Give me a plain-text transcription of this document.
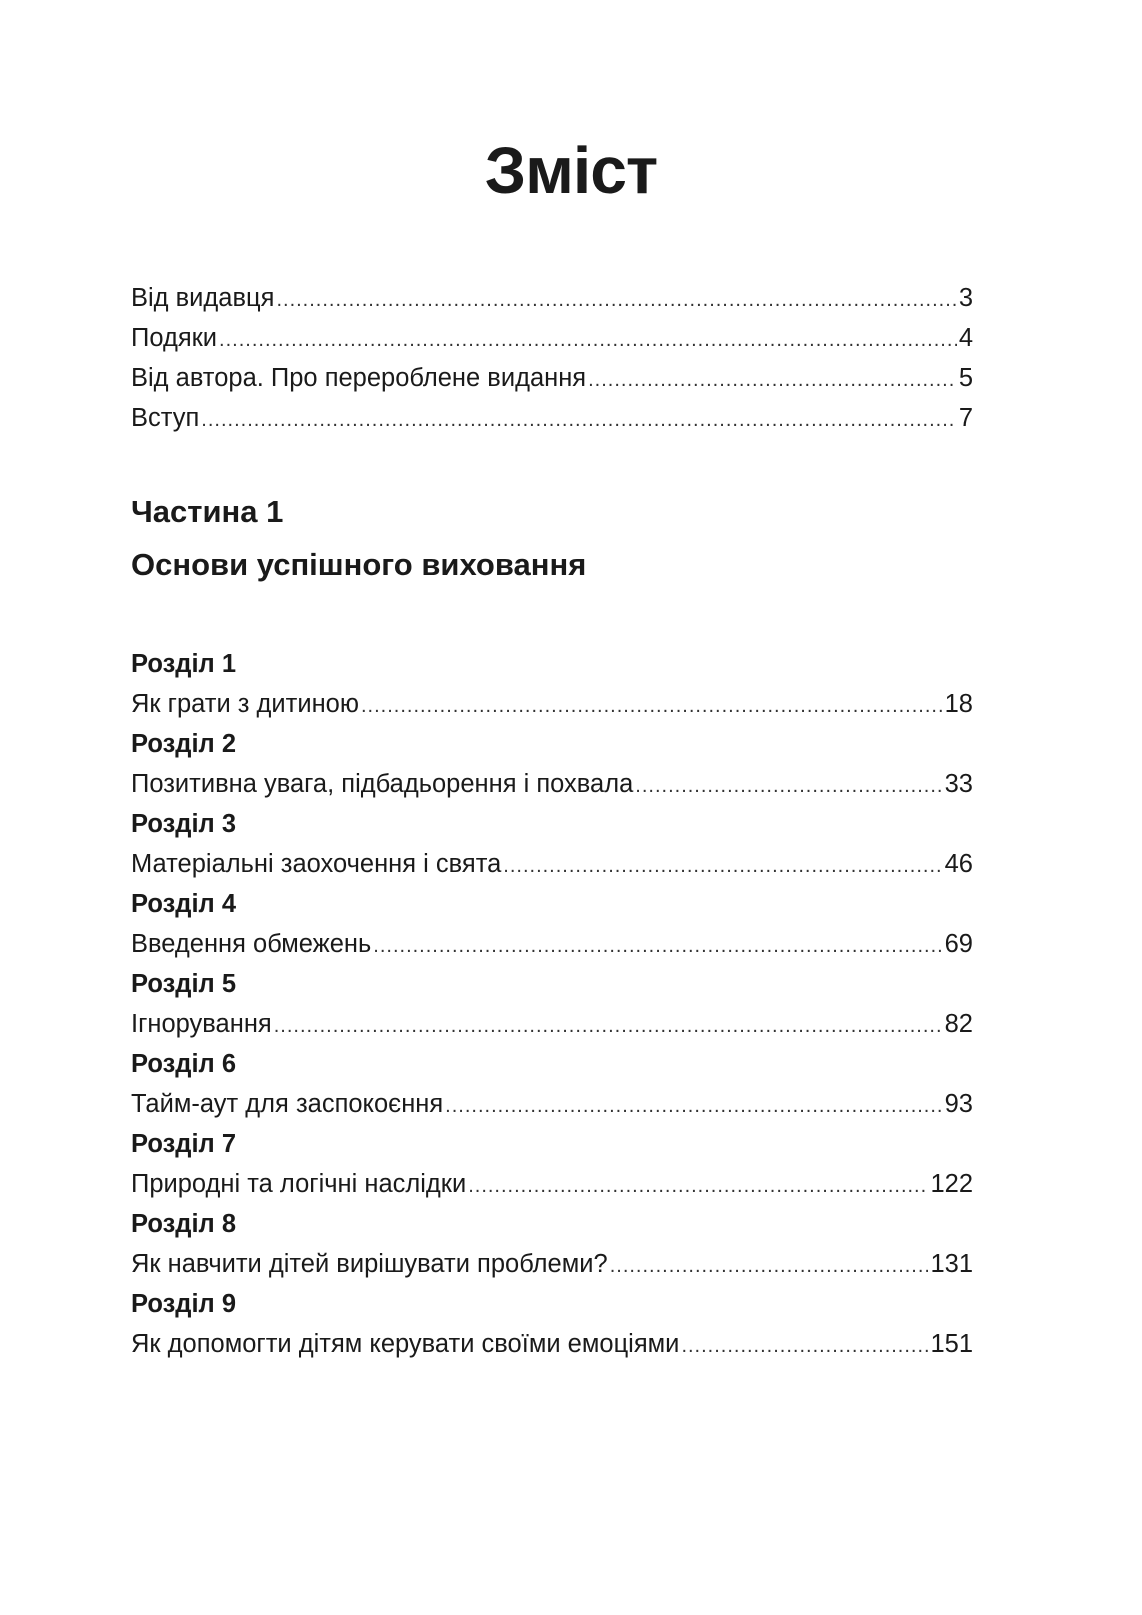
Зміст
Від видавця .....	3
Подяки .....	4
Від автора. Про перероблене видання .....	5
Вступ .....	7
Частина 1
Основи успішного виховання
Розділ 1
Як грати з дитиною .....	18
Розділ 2
Позитивна увага, підбадьорення і похвала .....	33
Розділ 3
Матеріальні заохочення і свята .....	46
Розділ 4
Введення обмежень .....	69
Розділ 5
Ігнорування .....	82
Розділ 6
Тайм-аут для заспокоєння .....	93
Розділ 7
Природні та логічні наслідки .....	122
Розділ 8
Як навчити дітей вирішувати проблеми? .....	131
Розділ 9
Як допомогти дітям керувати своїми емоціями .....	151
